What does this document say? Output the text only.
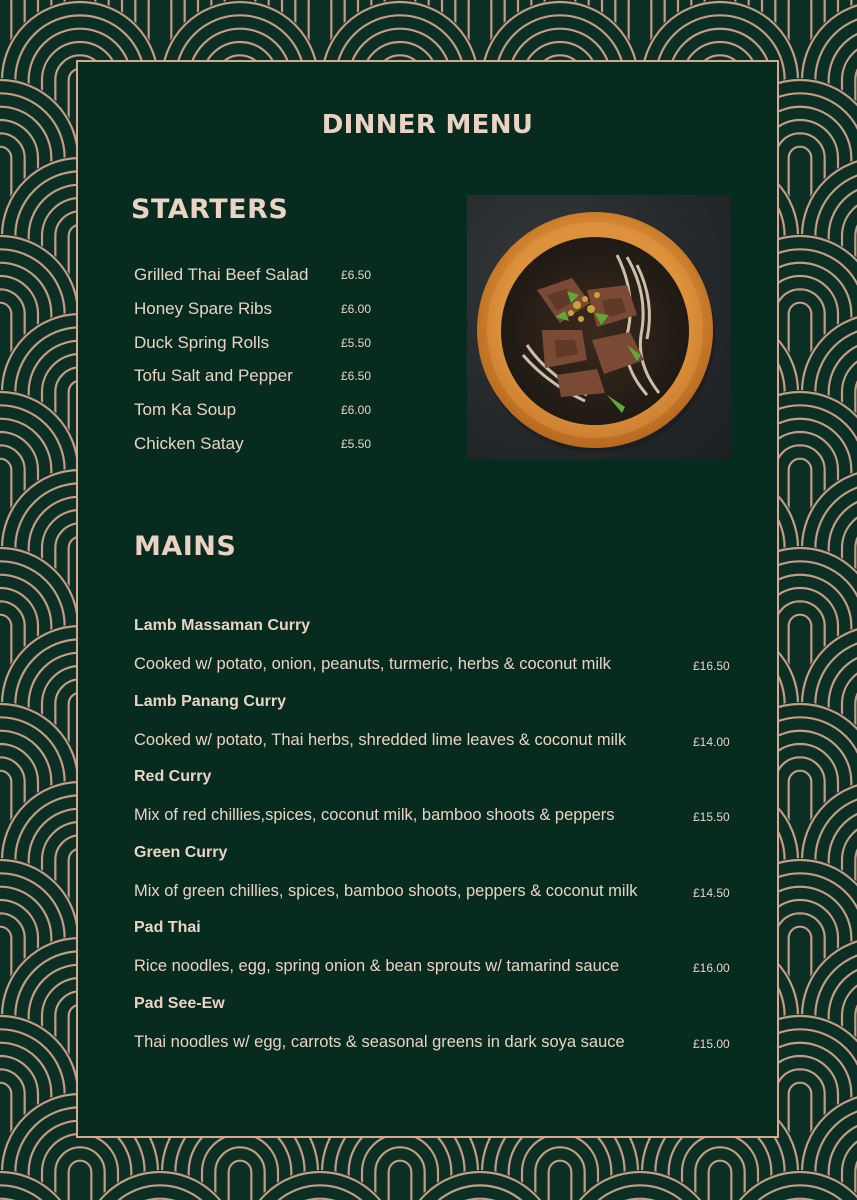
DINNER MENU
STARTERS
Grilled Thai Beef Salad	£6.50
Honey Spare Ribs	£6.00
Duck Spring Rolls	£5.50
Tofu Salt and Pepper	£6.50
Tom Ka Soup	£6.00
Chicken Satay	£5.50
MAINS
Lamb Massaman Curry
Cooked w/ potato, onion, peanuts, turmeric, herbs & coconut milk	£16.50
Lamb Panang Curry
Cooked w/ potato, Thai herbs, shredded lime leaves & coconut milk	£14.00
Red Curry
Mix of red chillies,spices, coconut milk, bamboo shoots & peppers	£15.50
Green Curry
Mix of green chillies, spices, bamboo shoots, peppers & coconut milk	£14.50
Pad Thai
Rice noodles, egg, spring onion & bean sprouts w/ tamarind sauce	£16.00
Pad See-Ew
Thai noodles w/ egg, carrots & seasonal greens in dark soya sauce	£15.00
